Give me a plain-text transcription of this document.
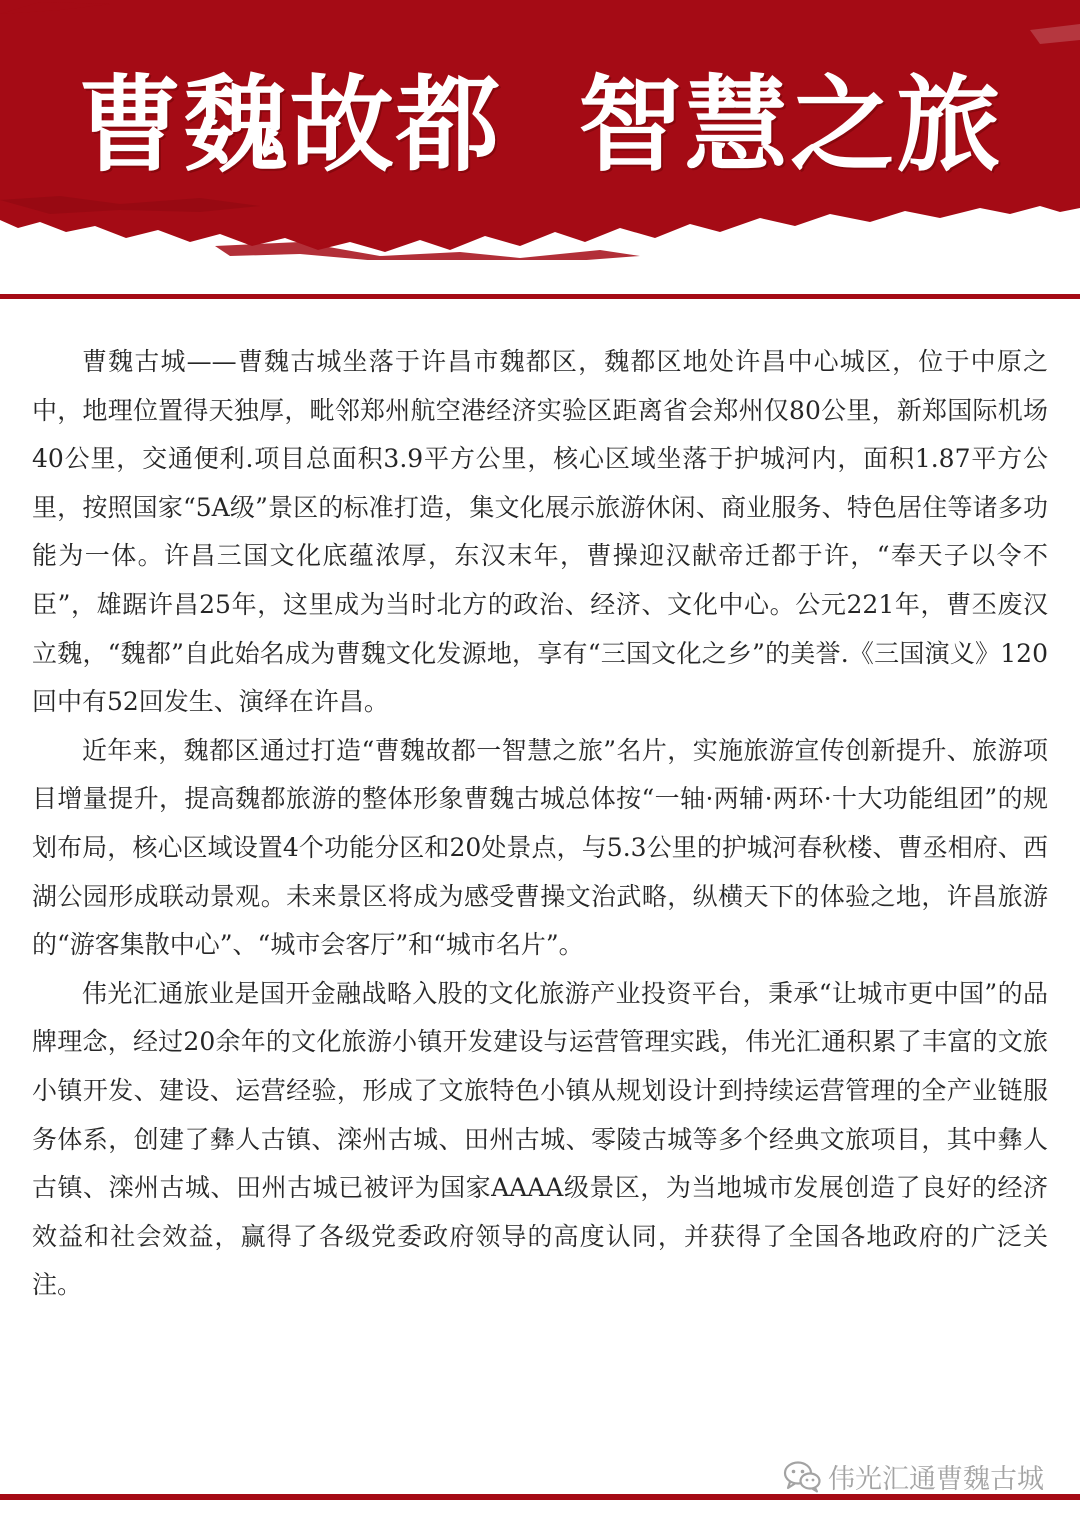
曹魏故都  智慧之旅

曹魏古城——曹魏古城坐落于许昌市魏都区，魏都区地处许昌中心城区，位于中原之中，地理位置得天独厚，毗邻郑州航空港经济实验区距离省会郑州仅80公里，新郑国际机场40公里，交通便利.项目总面积3.9平方公里，核心区域坐落于护城河内，面积1.87平方公里，按照国家“5A级”景区的标准打造，集文化展示旅游休闲、商业服务、特色居住等诸多功能为一体。许昌三国文化底蕴浓厚，东汉末年，曹操迎汉献帝迁都于许，“奉天子以令不臣”，雄踞许昌25年，这里成为当时北方的政治、经济、文化中心。公元221年，曹丕废汉立魏，“魏都”自此始名成为曹魏文化发源地，享有“三国文化之乡”的美誉.《三国演义》120回中有52回发生、演绎在许昌。

近年来，魏都区通过打造“曹魏故都一智慧之旅”名片，实施旅游宣传创新提升、旅游项目增量提升，提高魏都旅游的整体形象曹魏古城总体按“一轴·两辅·两环·十大功能组团”的规划布局，核心区域设置4个功能分区和20处景点，与5.3公里的护城河春秋楼、曹丞相府、西湖公园形成联动景观。未来景区将成为感受曹操文治武略，纵横天下的体验之地，许昌旅游的“游客集散中心”、“城市会客厅”和“城市名片”。

伟光汇通旅业是国开金融战略入股的文化旅游产业投资平台，秉承“让城市更中国”的品牌理念，经过20余年的文化旅游小镇开发建设与运营管理实践，伟光汇通积累了丰富的文旅小镇开发、建设、运营经验，形成了文旅特色小镇从规划设计到持续运营管理的全产业链服务体系，创建了彝人古镇、滦州古城、田州古城、零陵古城等多个经典文旅项目，其中彝人古镇、滦州古城、田州古城已被评为国家AAAA级景区，为当地城市发展创造了良好的经济效益和社会效益，赢得了各级党委政府领导的高度认同，并获得了全国各地政府的广泛关注。

伟光汇通曹魏古城
